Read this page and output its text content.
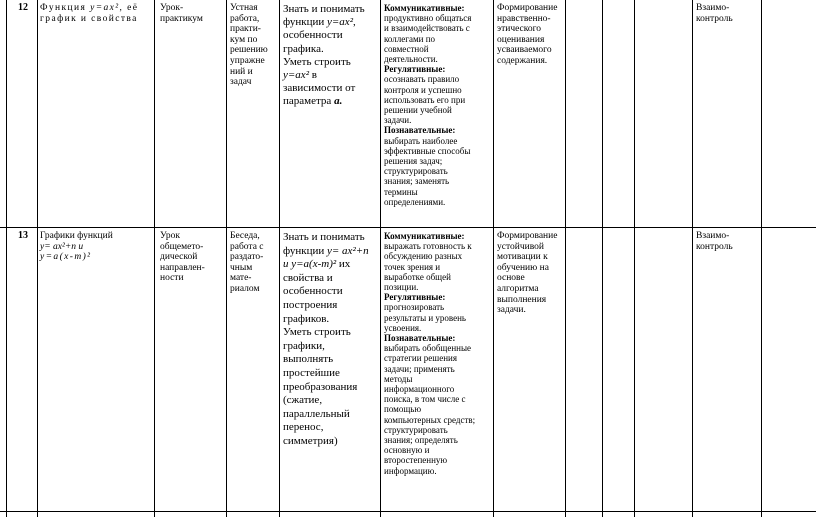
12 Функция y=ax², её график и свойства
Урок-
практикум
Устная
работа,
практи-
кум по
решению
упражне
ний и
задач
Знать и понимать
функции y=ax²,
особенности
графика.
Уметь строить
y=ax² в
зависимости от
параметра a.
Коммуникативные:
продуктивно общаться
и взаимодействовать с
коллегами по
совместной
деятельности.
Регулятивные:
осознавать правило
контроля и успешно
использовать его при
решении учебной
задачи.
Познавательные:
выбирать наиболее
эффективные способы
решения задач;
структурировать
знания; заменять
термины
определениями.
Формирование
нравственно-
этического
оценивания
усваиваемого
содержания.
Взаимо-
контроль
13 Графики функций
y= ax²+n и
y=a(x-m)²
Урок
общемето-
дической
направлен-
ности
Беседа,
работа с
раздато-
чным
мате-
риалом
Знать и понимать
функции y= ax²+n
и y=a(x-m)² их
свойства и
особенности
построения
графиков.
Уметь строить
графики,
выполнять
простейшие
преобразования
(сжатие,
параллельный
перенос,
симметрия)
Коммуникативные:
выражать готовность к
обсуждению разных
точек зрения и
выработке общей
позиции.
Регулятивные:
прогнозировать
результаты и уровень
усвоения.
Познавательные:
выбирать обобщенные
стратегии решения
задачи; применять
методы
информационного
поиска, в том числе с
помощью
компьютерных средств;
структурировать
знания; определять
основную и
второстепенную
информацию.
Формирование
устойчивой
мотивации к
обучению на
основе
алгоритма
выполнения
задачи.
Взаимо-
контроль
